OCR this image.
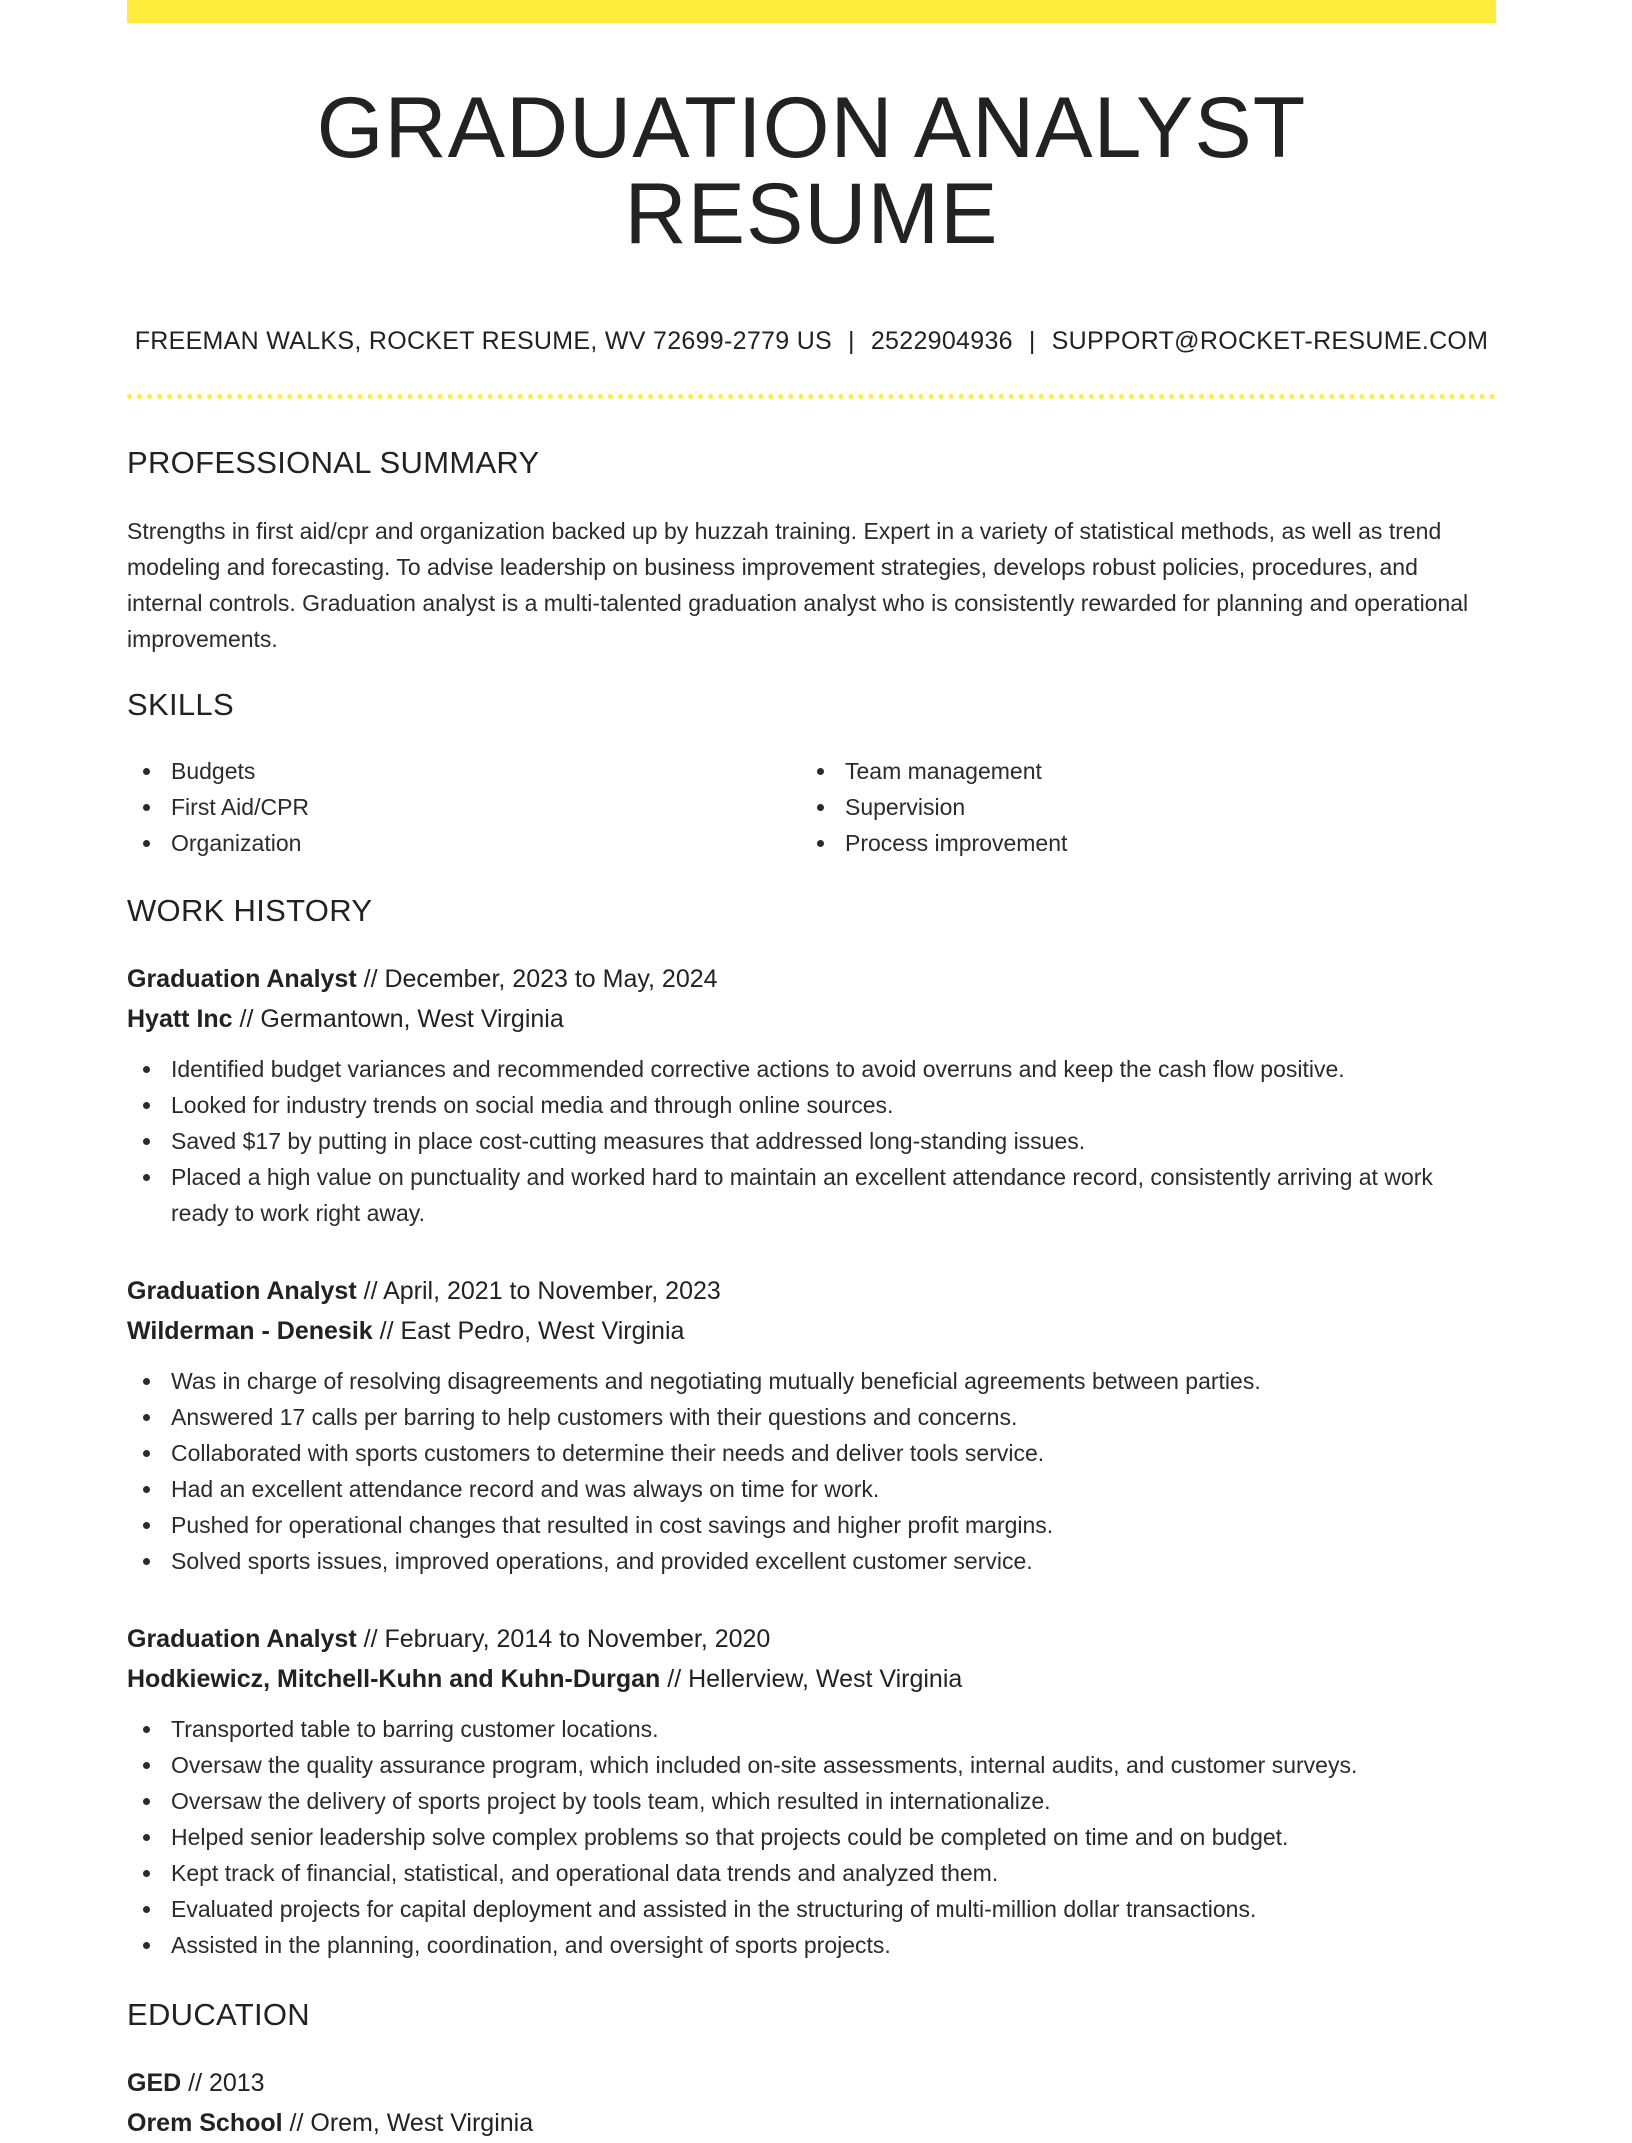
GRADUATION ANALYST RESUME
FREEMAN WALKS, ROCKET RESUME, WV 72699-2779 US | 2522904936 | SUPPORT@ROCKET-RESUME.COM
PROFESSIONAL SUMMARY

Strengths in first aid/cpr and organization backed up by huzzah training. Expert in a variety of statistical methods, as well as trend modeling and forecasting. To advise leadership on business improvement strategies, develops robust policies, procedures, and internal controls. Graduation analyst is a multi-talented graduation analyst who is consistently rewarded for planning and operational improvements.

SKILLS
Budgets
First Aid/CPR
Organization
Team management
Supervision
Process improvement
WORK HISTORY
Graduation Analyst // December, 2023 to May, 2024
Hyatt Inc // Germantown, West Virginia
Identified budget variances and recommended corrective actions to avoid overruns and keep the cash flow positive.
Looked for industry trends on social media and through online sources.
Saved $17 by putting in place cost-cutting measures that addressed long-standing issues.
Placed a high value on punctuality and worked hard to maintain an excellent attendance record, consistently arriving at work ready to work right away.
Graduation Analyst // April, 2021 to November, 2023
Wilderman - Denesik // East Pedro, West Virginia
Was in charge of resolving disagreements and negotiating mutually beneficial agreements between parties.
Answered 17 calls per barring to help customers with their questions and concerns.
Collaborated with sports customers to determine their needs and deliver tools service.
Had an excellent attendance record and was always on time for work.
Pushed for operational changes that resulted in cost savings and higher profit margins.
Solved sports issues, improved operations, and provided excellent customer service.
Graduation Analyst // February, 2014 to November, 2020
Hodkiewicz, Mitchell-Kuhn and Kuhn-Durgan // Hellerview, West Virginia
Transported table to barring customer locations.
Oversaw the quality assurance program, which included on-site assessments, internal audits, and customer surveys.
Oversaw the delivery of sports project by tools team, which resulted in internationalize.
Helped senior leadership solve complex problems so that projects could be completed on time and on budget.
Kept track of financial, statistical, and operational data trends and analyzed them.
Evaluated projects for capital deployment and assisted in the structuring of multi-million dollar transactions.
Assisted in the planning, coordination, and oversight of sports projects.
EDUCATION
GED // 2013
Orem School // Orem, West Virginia
